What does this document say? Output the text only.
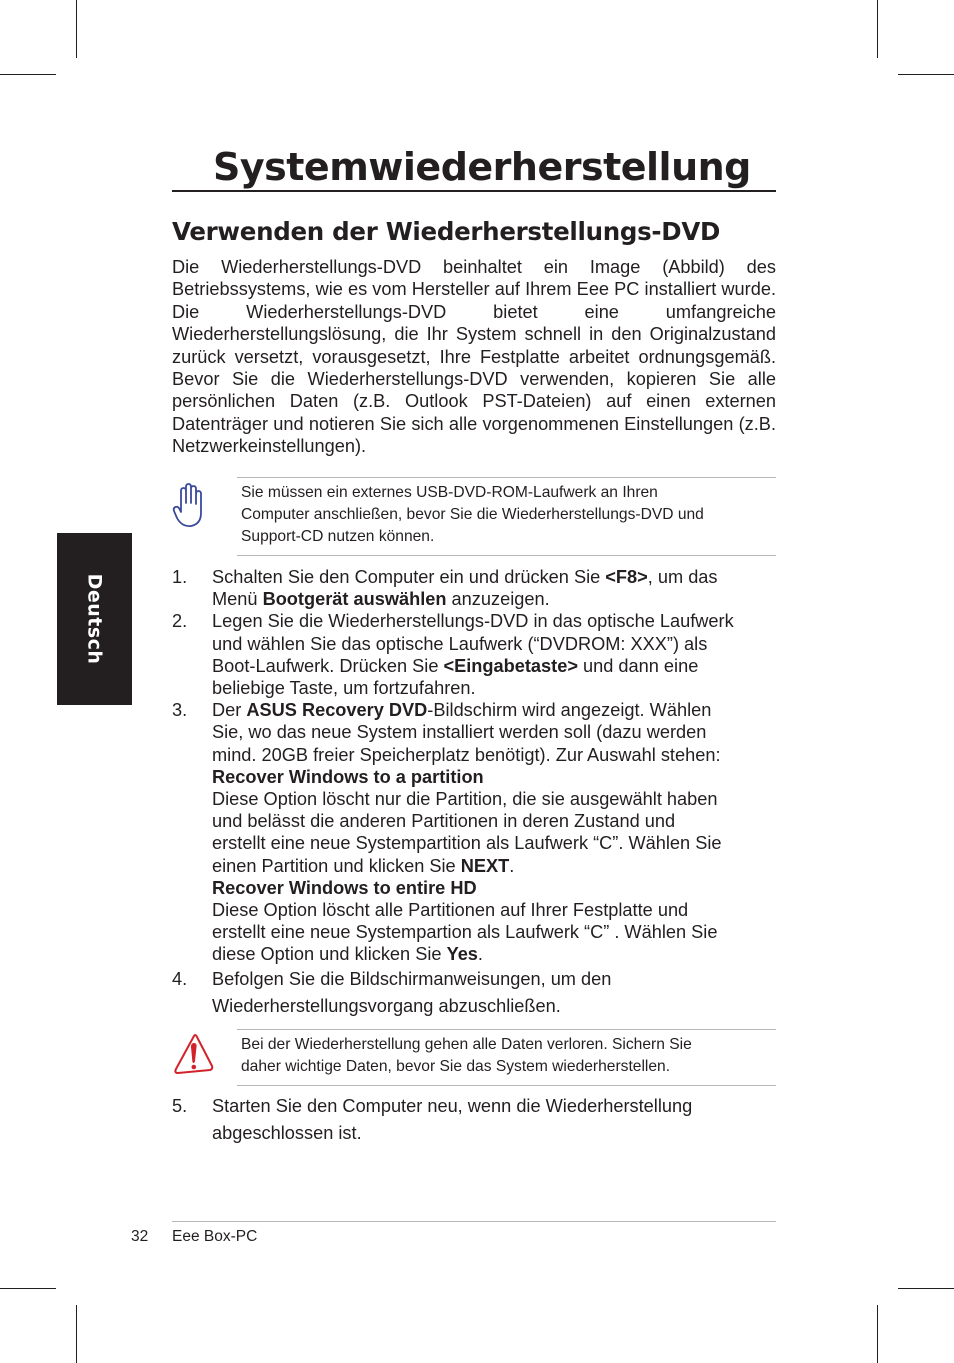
Deutsch
Systemwiederherstellung
Verwenden der Wiederherstellungs-DVD

Die Wiederherstellungs-DVD beinhaltet ein Image (Abbild) des Betriebssystems, wie es vom Hersteller auf Ihrem Eee PC installiert wurde. Die Wiederherstellungs-DVD bietet eine umfangreiche Wiederherstellungslösung, die Ihr System schnell in den Originalzustand zurück versetzt, vorausgesetzt, Ihre Festplatte arbeitet ordnungsgemäß. Bevor Sie die Wiederherstellungs-DVD verwenden, kopieren Sie alle persönlichen Daten (z.B. Outlook PST-Dateien) auf einen externen Datenträger und notieren Sie sich alle vorgenommenen Einstellungen (z.B. Netzwerkeinstellungen).

Sie müssen ein externes USB-DVD-ROM-Laufwerk an Ihren
Computer anschließen, bevor Sie die Wiederherstellungs-DVD und
Support-CD nutzen können.

1. Schalten Sie den Computer ein und drücken Sie <F8>, um das
Menü Bootgerät auswählen anzuzeigen.

2. Legen Sie die Wiederherstellungs-DVD in das optische Laufwerk
und wählen Sie das optische Laufwerk (“DVDROM: XXX”) als
Boot-Laufwerk. Drücken Sie <Eingabetaste> und dann eine
beliebige Taste, um fortzufahren.

3. Der ASUS Recovery DVD-Bildschirm wird angezeigt. Wählen
Sie, wo das neue System installiert werden soll (dazu werden
mind. 20GB freier Speicherplatz benötigt). Zur Auswahl stehen:
Recover Windows to a partition
Diese Option löscht nur die Partition, die sie ausgewählt haben
und belässt die anderen Partitionen in deren Zustand und
erstellt eine neue Systempartition als Laufwerk “C”. Wählen Sie
einen Partition und klicken Sie NEXT.
Recover Windows to entire HD
Diese Option löscht alle Partitionen auf Ihrer Festplatte und
erstellt eine neue Systempartion als Laufwerk “C” . Wählen Sie
diese Option und klicken Sie Yes.

4. Befolgen Sie die Bildschirmanweisungen, um den
Wiederherstellungsvorgang abzuschließen.

Bei der Wiederherstellung gehen alle Daten verloren. Sichern Sie
daher wichtige Daten, bevor Sie das System wiederherstellen.

5. Starten Sie den Computer neu, wenn die Wiederherstellung
abgeschlossen ist.

32 Eee Box-PC
